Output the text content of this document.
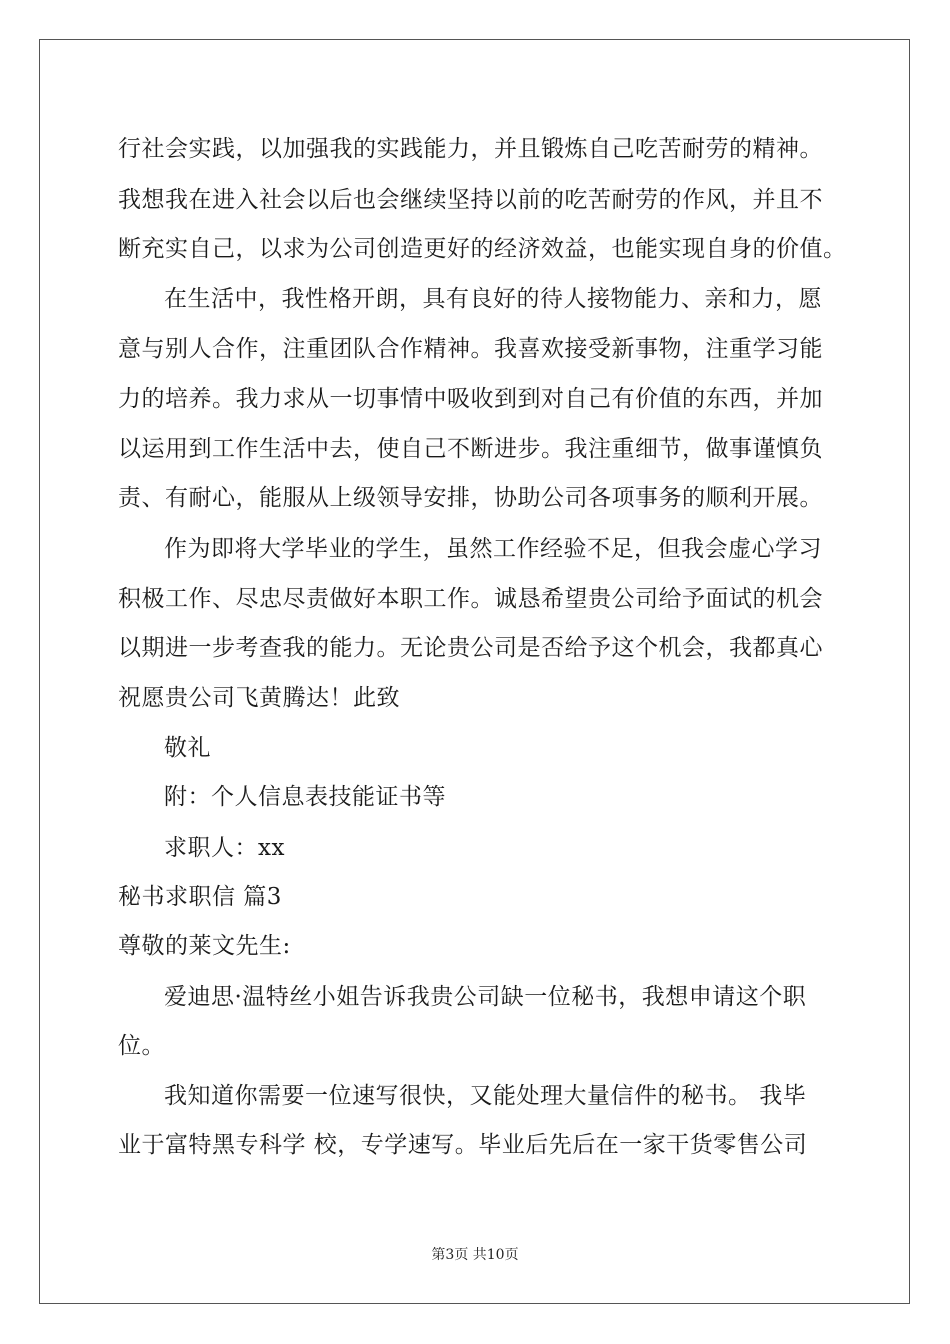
行社会实践，以加强我的实践能力，并且锻炼自己吃苦耐劳的精神。
我想我在进入社会以后也会继续坚持以前的吃苦耐劳的作风，并且不
断充实自己，以求为公司创造更好的经济效益，也能实现自身的价值。
在生活中，我性格开朗，具有良好的待人接物能力、亲和力，愿
意与别人合作，注重团队合作精神。我喜欢接受新事物，注重学习能
力的培养。我力求从一切事情中吸收到到对自己有价值的东西，并加
以运用到工作生活中去，使自己不断进步。我注重细节，做事谨慎负
责、有耐心，能服从上级领导安排，协助公司各项事务的顺利开展。
作为即将大学毕业的学生，虽然工作经验不足，但我会虚心学习
积极工作、尽忠尽责做好本职工作。诚恳希望贵公司给予面试的机会
以期进一步考查我的能力。无论贵公司是否给予这个机会，我都真心
祝愿贵公司飞黄腾达！此致
敬礼
附：个人信息表技能证书等
求职人：xx
秘书求职信 篇3
尊敬的莱文先生:
爱迪思·温特丝小姐告诉我贵公司缺一位秘书，我想申请这个职
位。
我知道你需要一位速写很快，又能处理大量信件的秘书。 我毕
业于富特黑专科学 校，专学速写。毕业后先后在一家干货零售公司
第3页 共10页
